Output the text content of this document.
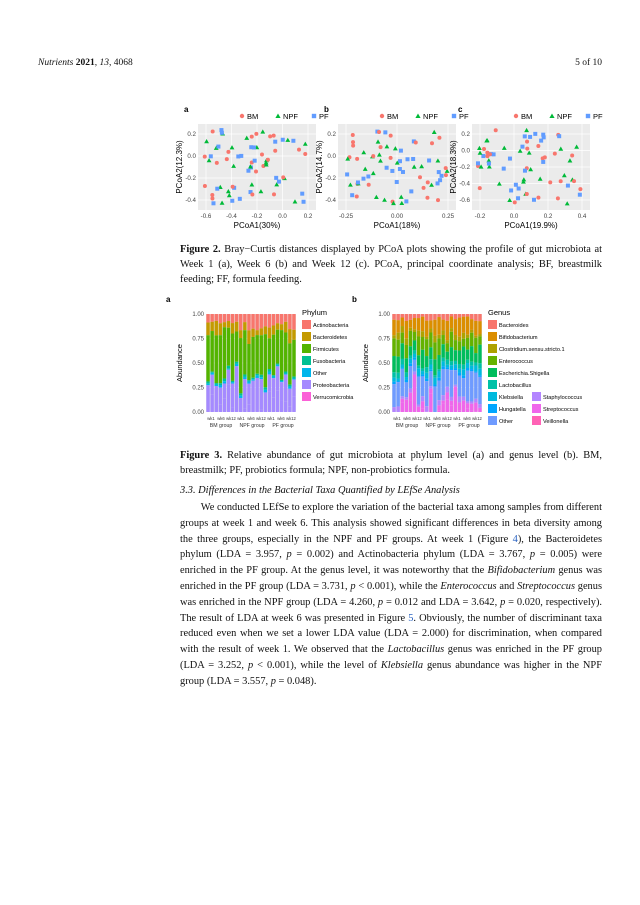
Nutrients 2021, 13, 4068	5 of 10
a
BM	NPF	PF
-0.6 -0.4 -0.2	0.0	0.2
0.2
0.0
-0.2
-0.4
PCoA1(30%)
PCoA2(12.3%)
b
BM	NPF	PF
-0.25	0.00	0.25
0.2
0.0
-0.2
-0.4
PCoA1(18%)
PCoA2(14.7%)
c
BM	NPF	PF
-0.2	0.0	0.2	0.4
0.2
0.0
-0.2
-0.4
-0.6
PCoA1(19.9%)
PCoA2(18.3%)
Figure 2. Bray−Curtis distances displayed by PCoA plots showing the profile of gut microbiota at Week 1 (a), Week 6 (b) and Week 12 (c). PCoA, principal coordinate analysis; BF, breastmilk feeding; FF, formula feeding.
a
1.00
0.75
0.50
0.25
0.00
Abundance
wk1 wk6 wk12 wk1 wk6 wk12 wk1 wk6 wk12
BM group NPF group PF group
Phylum
Actinobacteria
Bacteroidetes
Firmicutes
Fusobacteria
Other
Proteobacteria
Verrucomicrobia
b
1.00
0.75
0.50
0.25
0.00
Abundance
wk1 wk6 wk12 wk1 wk6 wk12 wk1 wk6 wk12
BM group NPF group PF group
Genus
Bacteroides
Bifidobacterium
Clostridium.sensu.stricto.1
Enterococcus
Escherichia.Shigella
Lactobacillus
Klebsiella
Hungatella
Other
Staphylococcus
Streptococcus
Veillonella
Figure 3. Relative abundance of gut microbiota at phylum level (a) and genus level (b). BM, breastmilk; PF, probiotics formula; NPF, non-probiotics formula.
3.3. Differences in the Bacterial Taxa Quantified by LEfSe Analysis
  We conducted LEfSe to explore the variation of the bacterial taxa among samples from different groups at week 1 and week 6. This analysis showed significant differences in beta diversity among the three groups, especially in the NPF and PF groups. At week 1 (Figure 4), the Bacteroidetes phylum (LDA = 3.957, p = 0.002) and Actinobacteria phylum (LDA = 3.767, p = 0.005) were enriched in the PF group. At the genus level, it was noteworthy that the Bifidobacterium genus was enriched in the PF group (LDA = 3.731, p < 0.001), while the Enterococcus and Streptococcus genus was enriched in the NPF group (LDA = 4.260, p = 0.012 and LDA = 3.642, p = 0.020, respectively). The result of LDA at week 6 was presented in Figure 5. Obviously, the number of discriminant taxa reduced even when we set a lower LDA value (LDA = 2.000) for discrimination, when compared with the result of week 1. We observed that the Lactobacillus genus was enriched in the PF group (LDA = 3.252, p < 0.001), while the level of Klebsiella genus abundance was higher in the NPF group (LDA = 3.557, p = 0.048).
